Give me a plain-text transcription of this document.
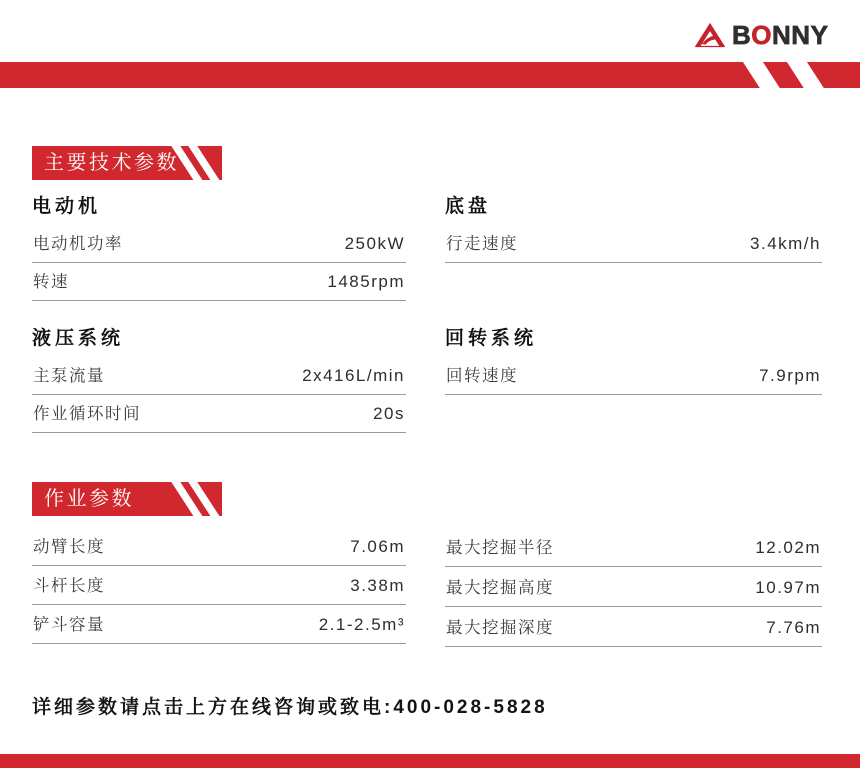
BONNY
主要技术参数
电动机
电动机功率	250kW
转速	1485rpm
底盘
行走速度	3.4km/h
液压系统
主泵流量	2x416L/min
作业循环时间	20s
回转系统
回转速度	7.9rpm
作业参数
动臂长度	7.06m
斗杆长度	3.38m
铲斗容量	2.1-2.5m³
最大挖掘半径	12.02m
最大挖掘高度	10.97m
最大挖掘深度	7.76m
详细参数请点击上方在线咨询或致电:400-028-5828
